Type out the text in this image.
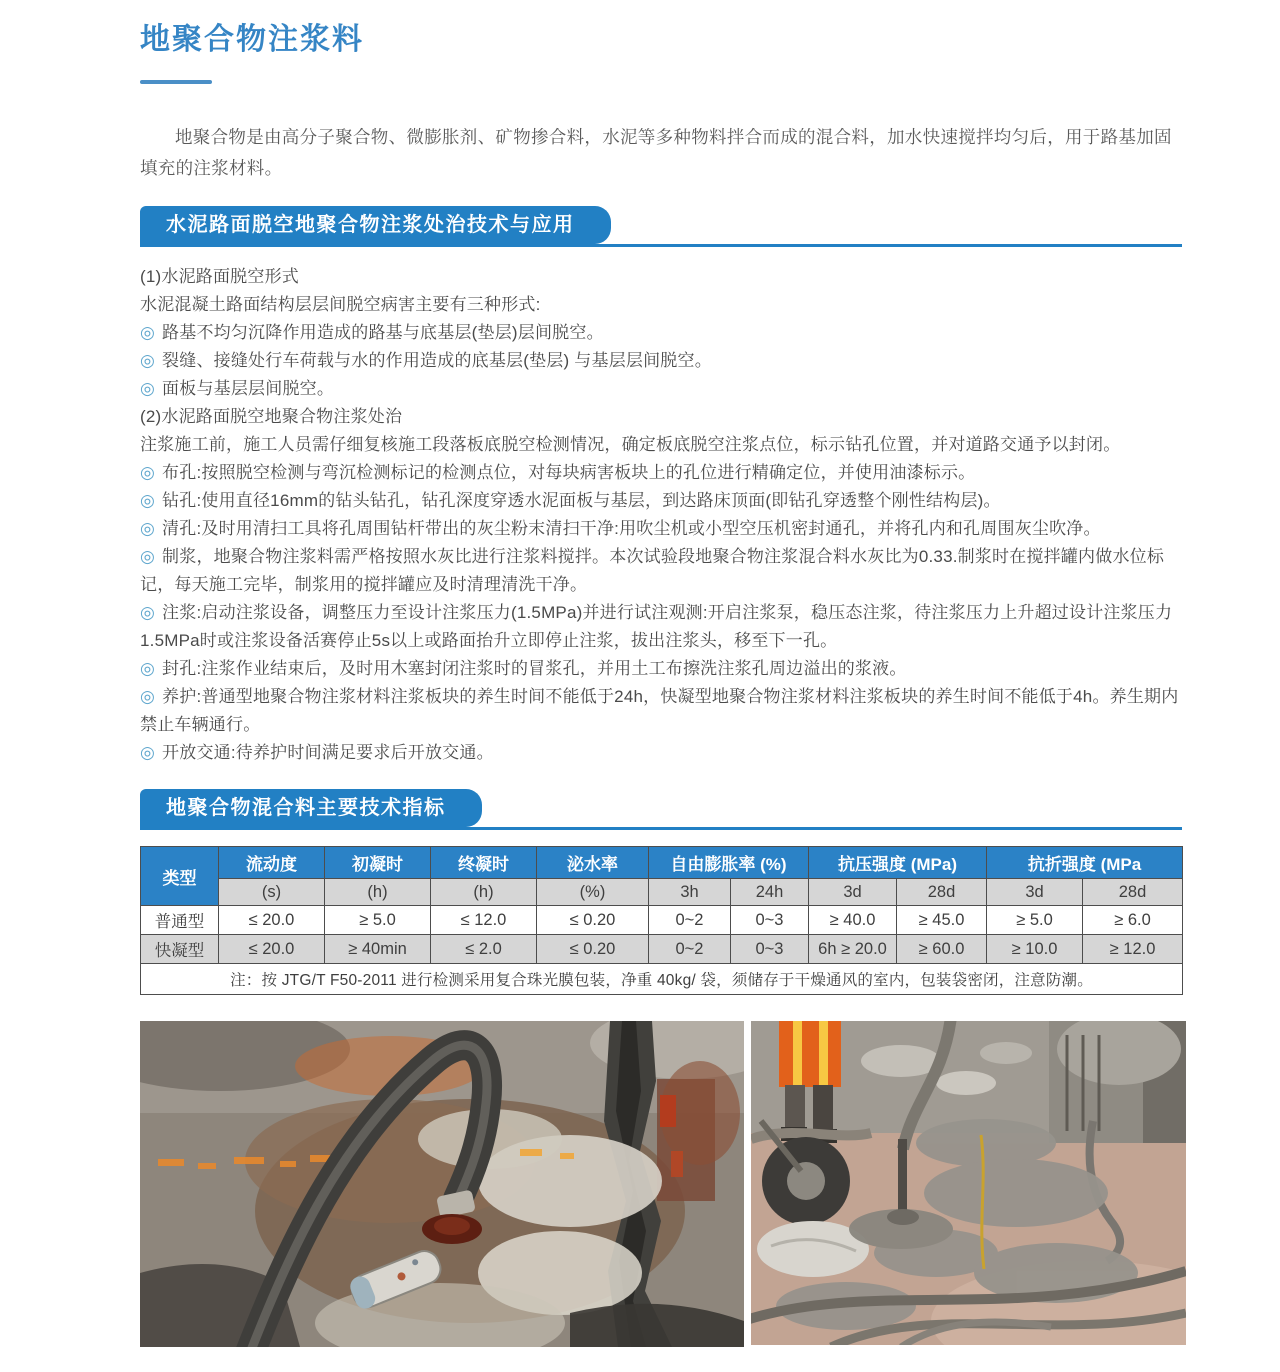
地聚合物注浆料

地聚合物是由高分子聚合物、微膨胀剂、矿物掺合料，水泥等多种物料拌合而成的混合料，加水快速搅拌均匀后，用于路基加固填充的注浆材料。

水泥路面脱空地聚合物注浆处治技术与应用

(1)水泥路面脱空形式

水泥混凝土路面结构层层间脱空病害主要有三种形式:

◎ 路基不均匀沉降作用造成的路基与底基层(垫层)层间脱空。

◎ 裂缝、接缝处行车荷载与水的作用造成的底基层(垫层) 与基层层间脱空。

◎ 面板与基层层间脱空。

(2)水泥路面脱空地聚合物注浆处治

注浆施工前，施工人员需仔细复核施工段落板底脱空检测情况，确定板底脱空注浆点位，标示钻孔位置，并对道路交通予以封闭。

◎ 布孔:按照脱空检测与弯沉检测标记的检测点位，对每块病害板块上的孔位进行精确定位，并使用油漆标示。

◎ 钻孔:使用直径16mm的钻头钻孔，钻孔深度穿透水泥面板与基层，到达路床顶面(即钻孔穿透整个刚性结构层)。

◎ 清孔:及时用清扫工具将孔周围钻杆带出的灰尘粉末清扫干净:用吹尘机或小型空压机密封通孔，并将孔内和孔周围灰尘吹净。

◎ 制浆，地聚合物注浆料需严格按照水灰比进行注浆料搅拌。本次试验段地聚合物注浆混合料水灰比为0.33.制浆时在搅拌罐内做水位标记，每天施工完毕，制浆用的搅拌罐应及时清理清洗干净。

◎ 注浆:启动注浆设备，调整压力至设计注浆压力(1.5MPa)并进行试注观测:开启注浆泵，稳压态注浆，待注浆压力上升超过设计注浆压力1.5MPa时或注浆设备活赛停止5s以上或路面抬升立即停止注浆，拔出注浆头，移至下一孔。

◎ 封孔:注浆作业结束后，及时用木塞封闭注浆时的冒浆孔，并用土工布擦洗注浆孔周边溢出的浆液。

◎ 养护:普通型地聚合物注浆材料注浆板块的养生时间不能低于24h，快凝型地聚合物注浆材料注浆板块的养生时间不能低于4h。养生期内禁止车辆通行。

◎ 开放交通:待养护时间满足要求后开放交通。

地聚合物混合料主要技术指标
类型	流动度	初凝时	终凝时	泌水率	自由膨胀率 (%)		抗压强度 (MPa)		抗折强度 (MPa	
	(s)	(h)	(h)	(%)	3h	24h	3d	28d	3d	28d
普通型	≤ 20.0	≥ 5.0	≤ 12.0	≤ 0.20	0~2	0~3	≥ 40.0	≥ 45.0	≥ 5.0	≥ 6.0
快凝型	≤ 20.0	≥ 40min	≤ 2.0	≤ 0.20	0~2	0~3	6h ≥ 20.0	≥ 60.0	≥ 10.0	≥ 12.0
注：按 JTG/T F50-2011 进行检测采用复合珠光膜包装，净重 40kg/ 袋，须储存于干燥通风的室内，包装袋密闭，注意防潮。										
